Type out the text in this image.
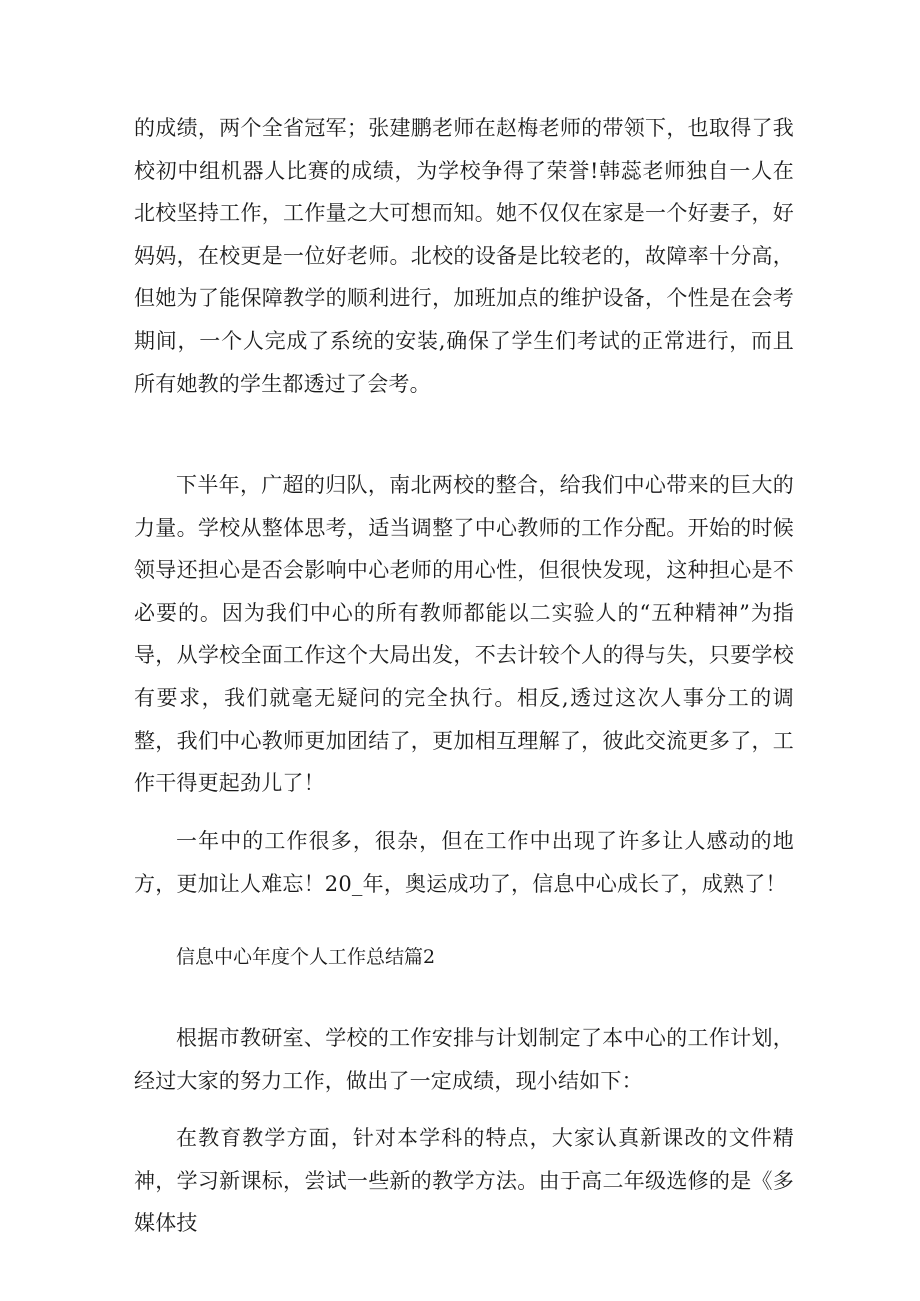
的成绩，两个全省冠军；张建鹏老师在赵梅老师的带领下，也取得了我校初中组机器人比赛的成绩，为学校争得了荣誉!韩蕊老师独自一人在北校坚持工作，工作量之大可想而知。她不仅仅在家是一个好妻子，好妈妈，在校更是一位好老师。北校的设备是比较老的，故障率十分高，但她为了能保障教学的顺利进行，加班加点的维护设备，个性是在会考期间，一个人完成了系统的安装,确保了学生们考试的正常进行，而且所有她教的学生都透过了会考。

下半年，广超的归队，南北两校的整合，给我们中心带来的巨大的力量。学校从整体思考，适当调整了中心教师的工作分配。开始的时候领导还担心是否会影响中心老师的用心性，但很快发现，这种担心是不必要的。因为我们中心的所有教师都能以二实验人的“五种精神”为指导，从学校全面工作这个大局出发，不去计较个人的得与失，只要学校有要求，我们就毫无疑问的完全执行。相反,透过这次人事分工的调整，我们中心教师更加团结了，更加相互理解了，彼此交流更多了，工作干得更起劲儿了！

一年中的工作很多，很杂，但在工作中出现了许多让人感动的地方，更加让人难忘！20_年，奥运成功了，信息中心成长了，成熟了！

信息中心年度个人工作总结篇2

根据市教研室、学校的工作安排与计划制定了本中心的工作计划，经过大家的努力工作，做出了一定成绩，现小结如下：

在教育教学方面，针对本学科的特点，大家认真新课改的文件精神，学习新课标，尝试一些新的教学方法。由于高二年级选修的是《多媒体技
